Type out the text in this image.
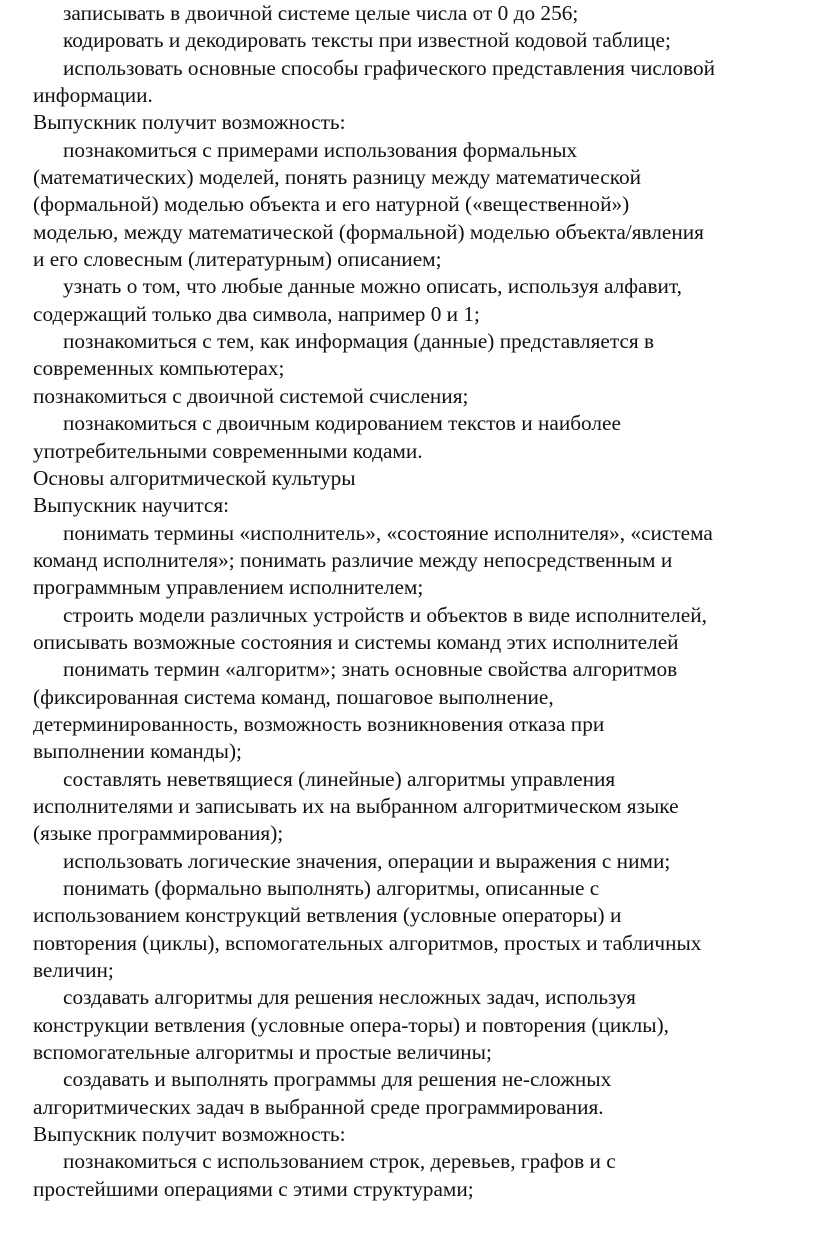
записывать в двоичной системе целые числа от 0 до 256;
кодировать и декодировать тексты при известной кодовой таблице;
использовать основные способы графического представления числовой
информации.
Выпускник получит возможность:
познакомиться с примерами использования формальных
(математических) моделей, понять разницу между математической
(формальной) моделью объекта и его натурной («вещественной»)
моделью, между математической (формальной) моделью объекта/явления
и его словесным (литературным) описанием;
узнать о том, что любые данные можно описать, используя алфавит,
содержащий только два символа, например 0 и 1;
познакомиться с тем, как информация (данные) представляется в
современных компьютерах;
познакомиться с двоичной системой счисления;
познакомиться с двоичным кодированием текстов и наиболее
употребительными современными кодами.
Основы алгоритмической культуры
Выпускник научится:
понимать термины «исполнитель», «состояние исполнителя», «система
команд исполнителя»; понимать различие между непосредственным и
программным управлением исполнителем;
строить модели различных устройств и объектов в виде исполнителей,
описывать возможные состояния и системы команд этих исполнителей
понимать термин «алгоритм»; знать основные свойства алгоритмов
(фиксированная система команд, пошаговое выполнение,
детерминированность, возможность возникновения отказа при
выполнении команды);
составлять неветвящиеся (линейные) алгоритмы управления
исполнителями и записывать их на выбранном алгоритмическом языке
(языке программирования);
использовать логические значения, операции и выражения с ними;
понимать (формально выполнять) алгоритмы, описанные с
использованием конструкций ветвления (условные операторы) и
повторения (циклы), вспомогательных алгоритмов, простых и табличных
величин;
создавать алгоритмы для решения несложных задач, используя
конструкции ветвления (условные опера-торы) и повторения (циклы),
вспомогательные алгоритмы и простые величины;
создавать и выполнять программы для решения не-сложных
алгоритмических задач в выбранной среде программирования.
Выпускник получит возможность:
познакомиться с использованием строк, деревьев, графов и с
простейшими операциями с этими структурами;
